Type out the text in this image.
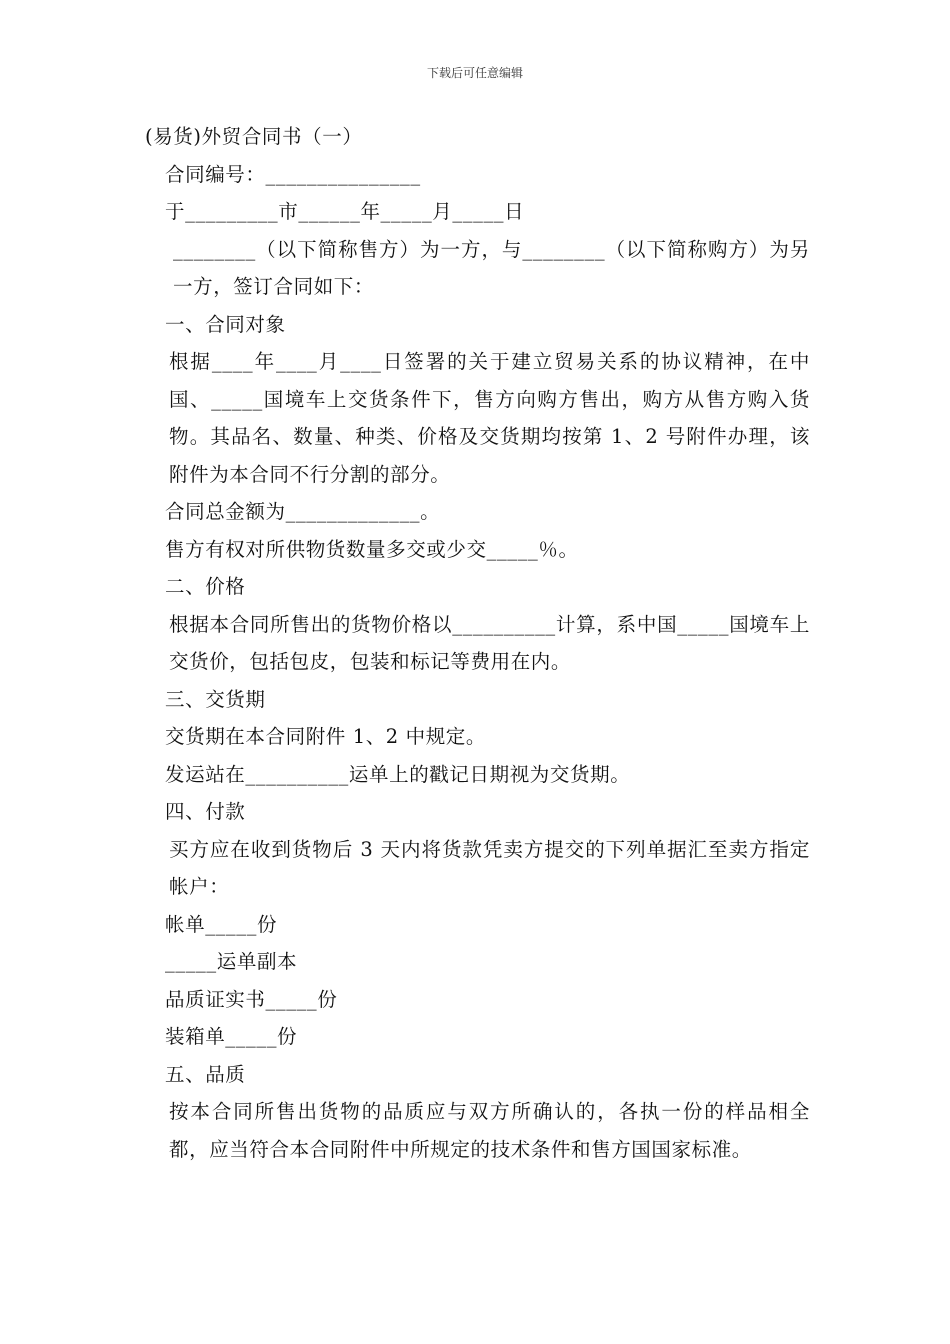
下载后可任意编辑

(易货)外贸合同书（一）

合同编号：_______________

于_________市______年_____月_____日

________（以下简称售方）为一方，与________（以下简称购方）为另一方，签订合同如下：

一、合同对象

根据____年____月____日签署的关于建立贸易关系的协议精神，在中国、_____国境车上交货条件下，售方向购方售出，购方从售方购入货物。其品名、数量、种类、价格及交货期均按第 1、2 号附件办理，该附件为本合同不行分割的部分。

合同总金额为_____________。

售方有权对所供物货数量多交或少交_____％。

二、价格

根据本合同所售出的货物价格以__________计算，系中国_____国境车上交货价，包括包皮，包装和标记等费用在内。

三、交货期

交货期在本合同附件 1、2 中规定。

发运站在__________运单上的戳记日期视为交货期。

四、付款

买方应在收到货物后 3 天内将货款凭卖方提交的下列单据汇至卖方指定帐户：

帐单_____份

_____运单副本

品质证实书_____份

装箱单_____份

五、品质

按本合同所售出货物的品质应与双方所确认的，各执一份的样品相全都，应当符合本合同附件中所规定的技术条件和售方国国家标准。
